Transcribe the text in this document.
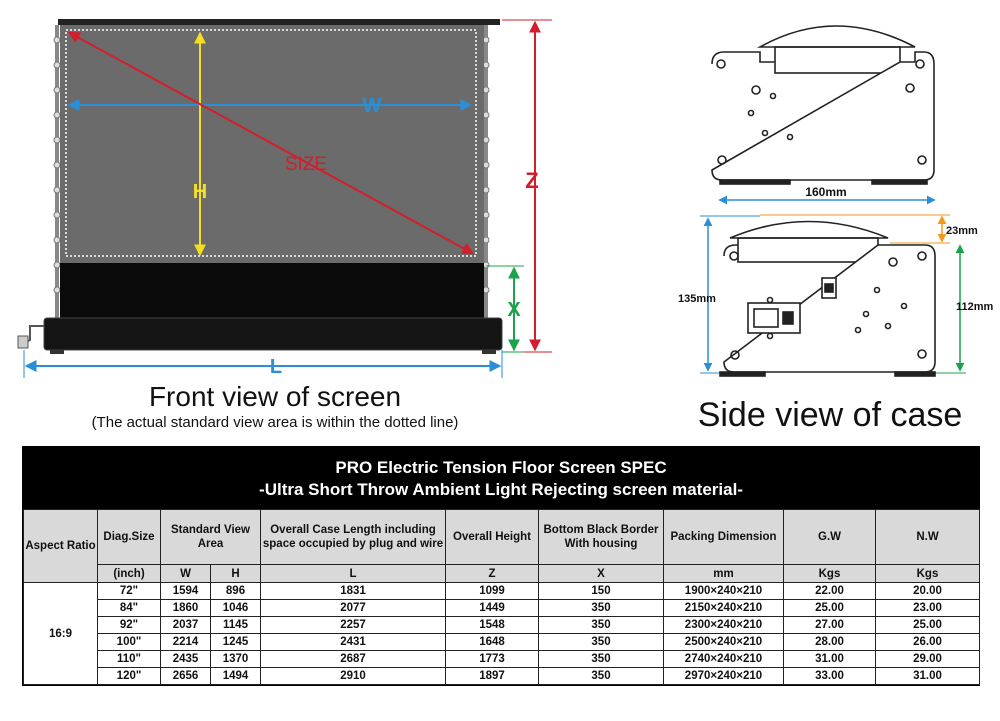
W
H
SIZE
Z
X
L
160mm
23mm
135mm
112mm
Front view of screen
(The actual standard view area is within the dotted line)	Side view of case
PRO Electric Tension Floor Screen SPEC
-Ultra Short Throw Ambient Light Rejecting screen material-
Aspect Ratio	Diag.Size	Standard View Area		Overall Case Length including space occupied by plug and wire	Overall Height	Bottom Black Border With housing	Packing Dimension	G.W	N.W
	(inch)	W	H	L	Z	X	mm	Kgs	Kgs
16:9	72"	1594	896	1831	1099	150	1900×240×210	22.00	20.00
	84"	1860	1046	2077	1449	350	2150×240×210	25.00	23.00
	92"	2037	1145	2257	1548	350	2300×240×210	27.00	25.00
	100"	2214	1245	2431	1648	350	2500×240×210	28.00	26.00
	110"	2435	1370	2687	1773	350	2740×240×210	31.00	29.00
	120"	2656	1494	2910	1897	350	2970×240×210	33.00	31.00
